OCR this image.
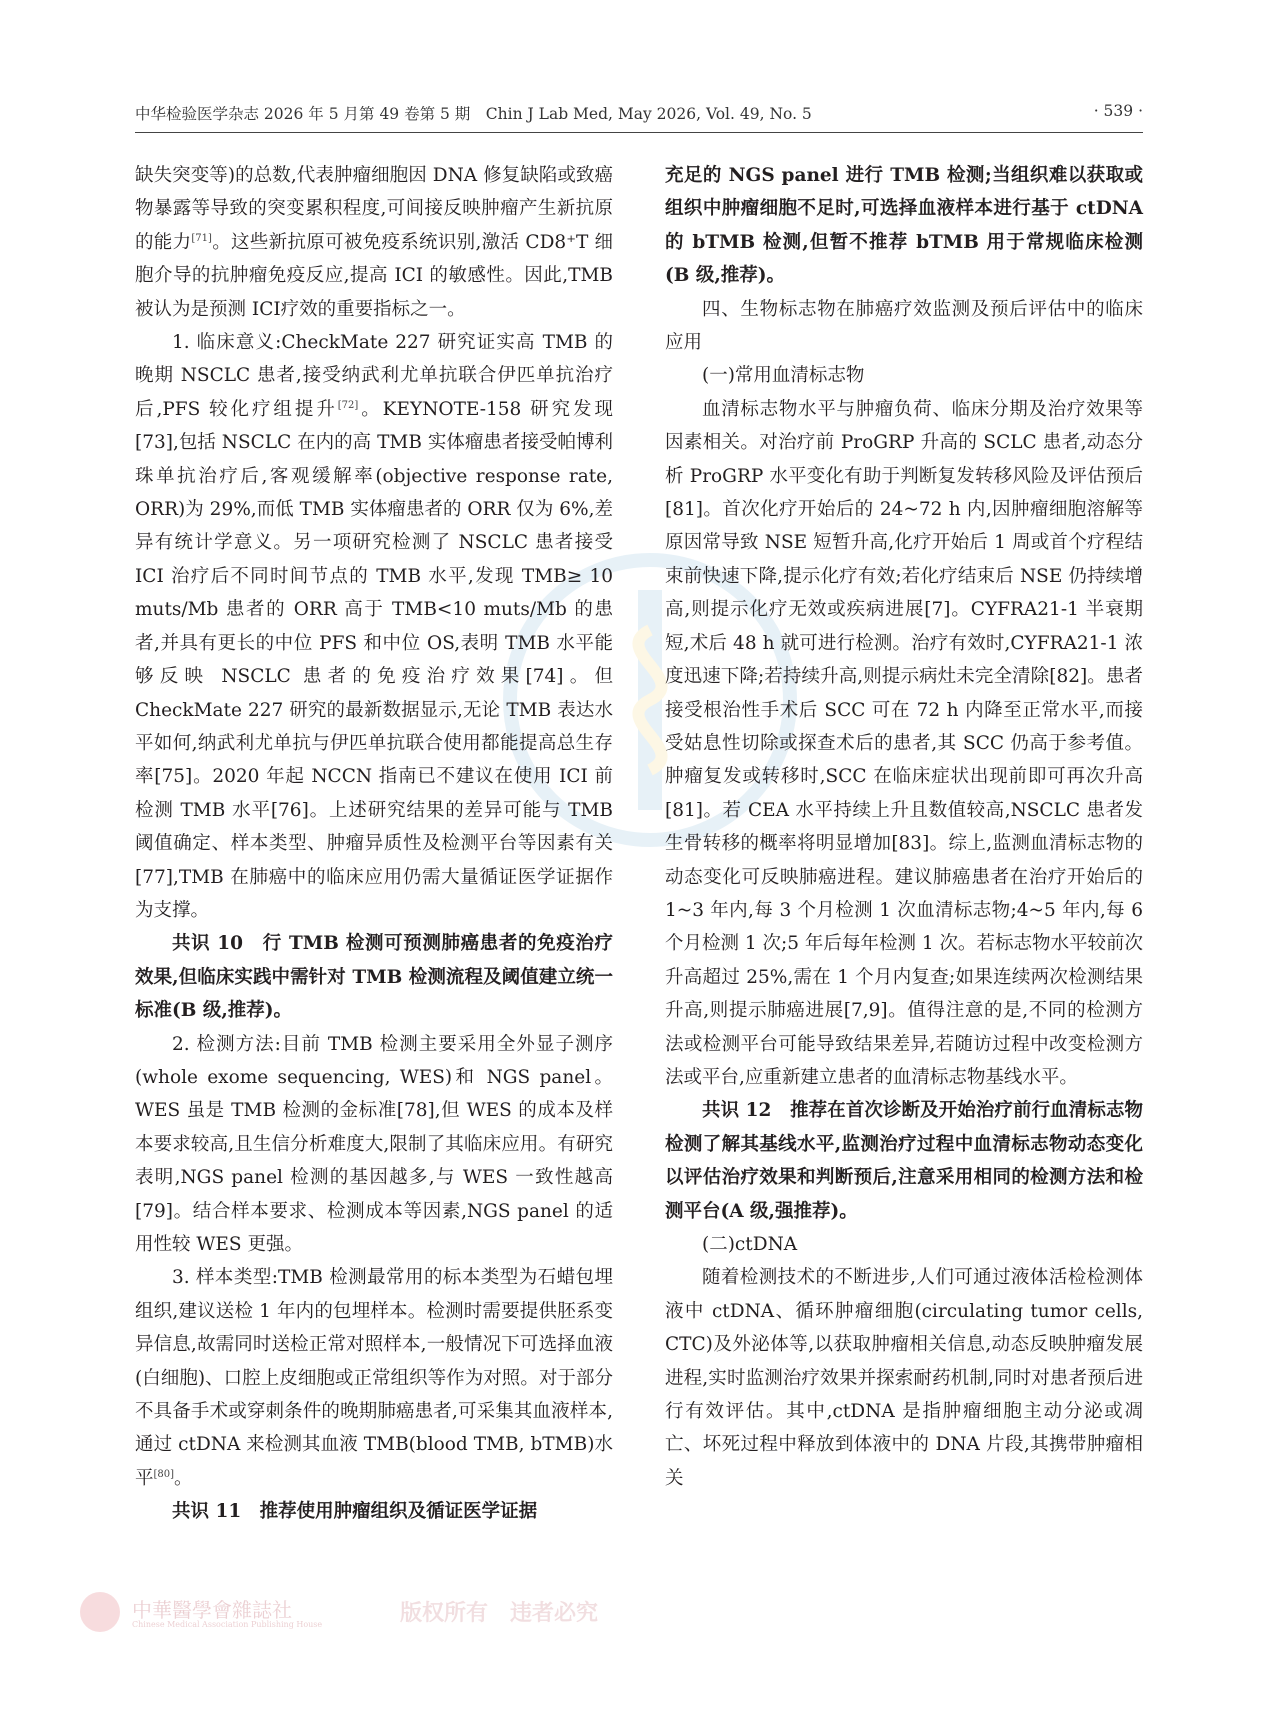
中华检验医学杂志 2026 年 5 月第 49 卷第 5 期　Chin J Lab Med, May 2026, Vol. 49, No. 5	· 539 ·

缺失突变等)的总数,代表肿瘤细胞因 DNA 修复缺陷或致癌物暴露等导致的突变累积程度,可间接反映肿瘤产生新抗原的能力[71]。这些新抗原可被免疫系统识别,激活 CD8⁺T 细胞介导的抗肿瘤免疫反应,提高 ICI 的敏感性。因此,TMB 被认为是预测 ICI疗效的重要指标之一。

1. 临床意义:CheckMate 227 研究证实高 TMB 的晚期 NSCLC 患者,接受纳武利尤单抗联合伊匹单抗治疗后,PFS 较化疗组提升[72]。KEYNOTE-158 研究发现[73],包括 NSCLC 在内的高 TMB 实体瘤患者接受帕博利珠单抗治疗后,客观缓解率(objective response rate, ORR)为 29%,而低 TMB 实体瘤患者的 ORR 仅为 6%,差异有统计学意义。另一项研究检测了 NSCLC 患者接受 ICI 治疗后不同时间节点的 TMB 水平,发现 TMB≥ 10 muts/Mb 患者的 ORR 高于 TMB<10 muts/Mb 的患者,并具有更长的中位 PFS 和中位 OS,表明 TMB 水平能够反映 NSCLC 患者的免疫治疗效果[74]。但 CheckMate 227 研究的最新数据显示,无论 TMB 表达水平如何,纳武利尤单抗与伊匹单抗联合使用都能提高总生存率[75]。2020 年起 NCCN 指南已不建议在使用 ICI 前检测 TMB 水平[76]。上述研究结果的差异可能与 TMB 阈值确定、样本类型、肿瘤异质性及检测平台等因素有关[77],TMB 在肺癌中的临床应用仍需大量循证医学证据作为支撑。

共识 10　行 TMB 检测可预测肺癌患者的免疫治疗效果,但临床实践中需针对 TMB 检测流程及阈值建立统一标准(B 级,推荐)。

2. 检测方法:目前 TMB 检测主要采用全外显子测序(whole exome sequencing, WES)和 NGS panel。WES 虽是 TMB 检测的金标准[78],但 WES 的成本及样本要求较高,且生信分析难度大,限制了其临床应用。有研究表明,NGS panel 检测的基因越多,与 WES 一致性越高[79]。结合样本要求、检测成本等因素,NGS panel 的适用性较 WES 更强。

3. 样本类型:TMB 检测最常用的标本类型为石蜡包埋组织,建议送检 1 年内的包埋样本。检测时需要提供胚系变异信息,故需同时送检正常对照样本,一般情况下可选择血液(白细胞)、口腔上皮细胞或正常组织等作为对照。对于部分不具备手术或穿刺条件的晚期肺癌患者,可采集其血液样本,通过 ctDNA 来检测其血液 TMB(blood TMB, bTMB)水平[80]。

共识 11　推荐使用肿瘤组织及循证医学证据

充足的 NGS panel 进行 TMB 检测;当组织难以获取或组织中肿瘤细胞不足时,可选择血液样本进行基于 ctDNA 的 bTMB 检测,但暂不推荐 bTMB 用于常规临床检测(B 级,推荐)。

四、生物标志物在肺癌疗效监测及预后评估中的临床应用

(一)常用血清标志物

血清标志物水平与肿瘤负荷、临床分期及治疗效果等因素相关。对治疗前 ProGRP 升高的 SCLC 患者,动态分析 ProGRP 水平变化有助于判断复发转移风险及评估预后[81]。首次化疗开始后的 24~72 h 内,因肿瘤细胞溶解等原因常导致 NSE 短暂升高,化疗开始后 1 周或首个疗程结束前快速下降,提示化疗有效;若化疗结束后 NSE 仍持续增高,则提示化疗无效或疾病进展[7]。CYFRA21-1 半衰期短,术后 48 h 就可进行检测。治疗有效时,CYFRA21-1 浓度迅速下降;若持续升高,则提示病灶未完全清除[82]。患者接受根治性手术后 SCC 可在 72 h 内降至正常水平,而接受姑息性切除或探查术后的患者,其 SCC 仍高于参考值。肿瘤复发或转移时,SCC 在临床症状出现前即可再次升高[81]。若 CEA 水平持续上升且数值较高,NSCLC 患者发生骨转移的概率将明显增加[83]。综上,监测血清标志物的动态变化可反映肺癌进程。建议肺癌患者在治疗开始后的 1~3 年内,每 3 个月检测 1 次血清标志物;4~5 年内,每 6 个月检测 1 次;5 年后每年检测 1 次。若标志物水平较前次升高超过 25%,需在 1 个月内复查;如果连续两次检测结果升高,则提示肺癌进展[7,9]。值得注意的是,不同的检测方法或检测平台可能导致结果差异,若随访过程中改变检测方法或平台,应重新建立患者的血清标志物基线水平。

共识 12　推荐在首次诊断及开始治疗前行血清标志物检测了解其基线水平,监测治疗过程中血清标志物动态变化以评估治疗效果和判断预后,注意采用相同的检测方法和检测平台(A 级,强推荐)。

(二)ctDNA

随着检测技术的不断进步,人们可通过液体活检检测体液中 ctDNA、循环肿瘤细胞(circulating tumor cells, CTC)及外泌体等,以获取肿瘤相关信息,动态反映肿瘤发展进程,实时监测治疗效果并探索耐药机制,同时对患者预后进行有效评估。其中,ctDNA 是指肿瘤细胞主动分泌或凋亡、坏死过程中释放到体液中的 DNA 片段,其携带肿瘤相关

中華醫學會雜誌社
Chinese Medical Association Publishing House	版权所有　违者必究
